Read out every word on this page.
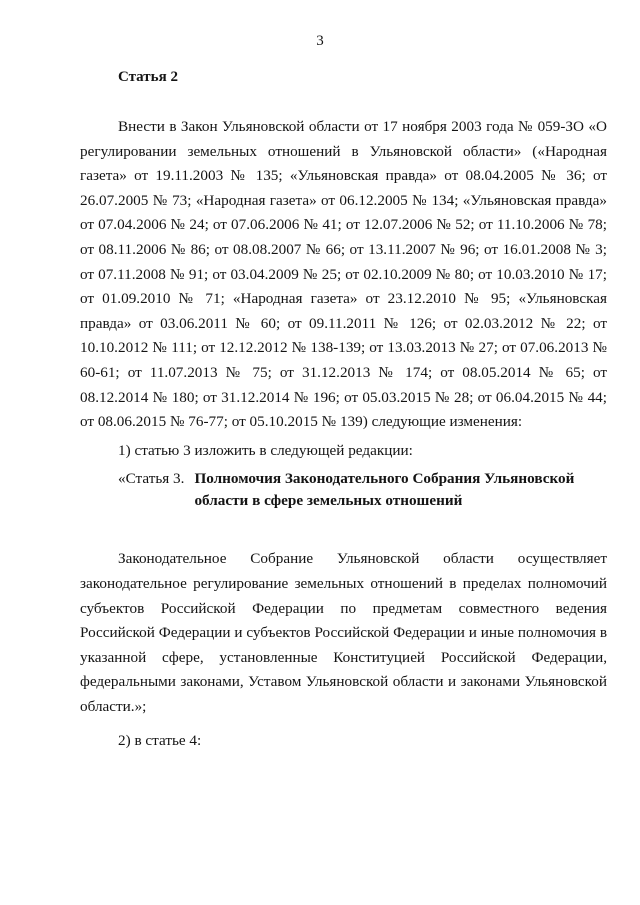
3
Статья 2

Внести в Закон Ульяновской области от 17 ноября 2003 года № 059-ЗО «О регулировании земельных отношений в Ульяновской области» («Народная газета» от 19.11.2003 № 135; «Ульяновская правда» от 08.04.2005 № 36; от 26.07.2005 № 73; «Народная газета» от 06.12.2005 № 134; «Ульяновская правда» от 07.04.2006 № 24; от 07.06.2006 № 41; от 12.07.2006 № 52; от 11.10.2006 № 78; от 08.11.2006 № 86; от 08.08.2007 № 66; от 13.11.2007 № 96; от 16.01.2008 № 3; от 07.11.2008 № 91; от 03.04.2009 № 25; от 02.10.2009 № 80; от 10.03.2010 № 17; от 01.09.2010 № 71; «Народная газета» от 23.12.2010 № 95; «Ульяновская правда» от 03.06.2011 № 60; от 09.11.2011 № 126; от 02.03.2012 № 22; от 10.10.2012 № 111; от 12.12.2012 № 138-139; от 13.03.2013 № 27; от 07.06.2013 № 60-61; от 11.07.2013 № 75; от 31.12.2013 № 174; от 08.05.2014 № 65; от 08.12.2014 № 180; от 31.12.2014 № 196; от 05.03.2015 № 28; от 06.04.2015 № 44; от 08.06.2015 № 76-77; от 05.10.2015 № 139) следующие изменения:

1) статью 3 изложить в следующей редакции:

«Статья 3. Полномочия Законодательного Собрания Ульяновской области в сфере земельных отношений

Законодательное Собрание Ульяновской области осуществляет законодательное регулирование земельных отношений в пределах полномочий субъектов Российской Федерации по предметам совместного ведения Российской Федерации и субъектов Российской Федерации и иные полномочия в указанной сфере, установленные Конституцией Российской Федерации, федеральными законами, Уставом Ульяновской области и законами Ульяновской области.»;

2) в статье 4:
